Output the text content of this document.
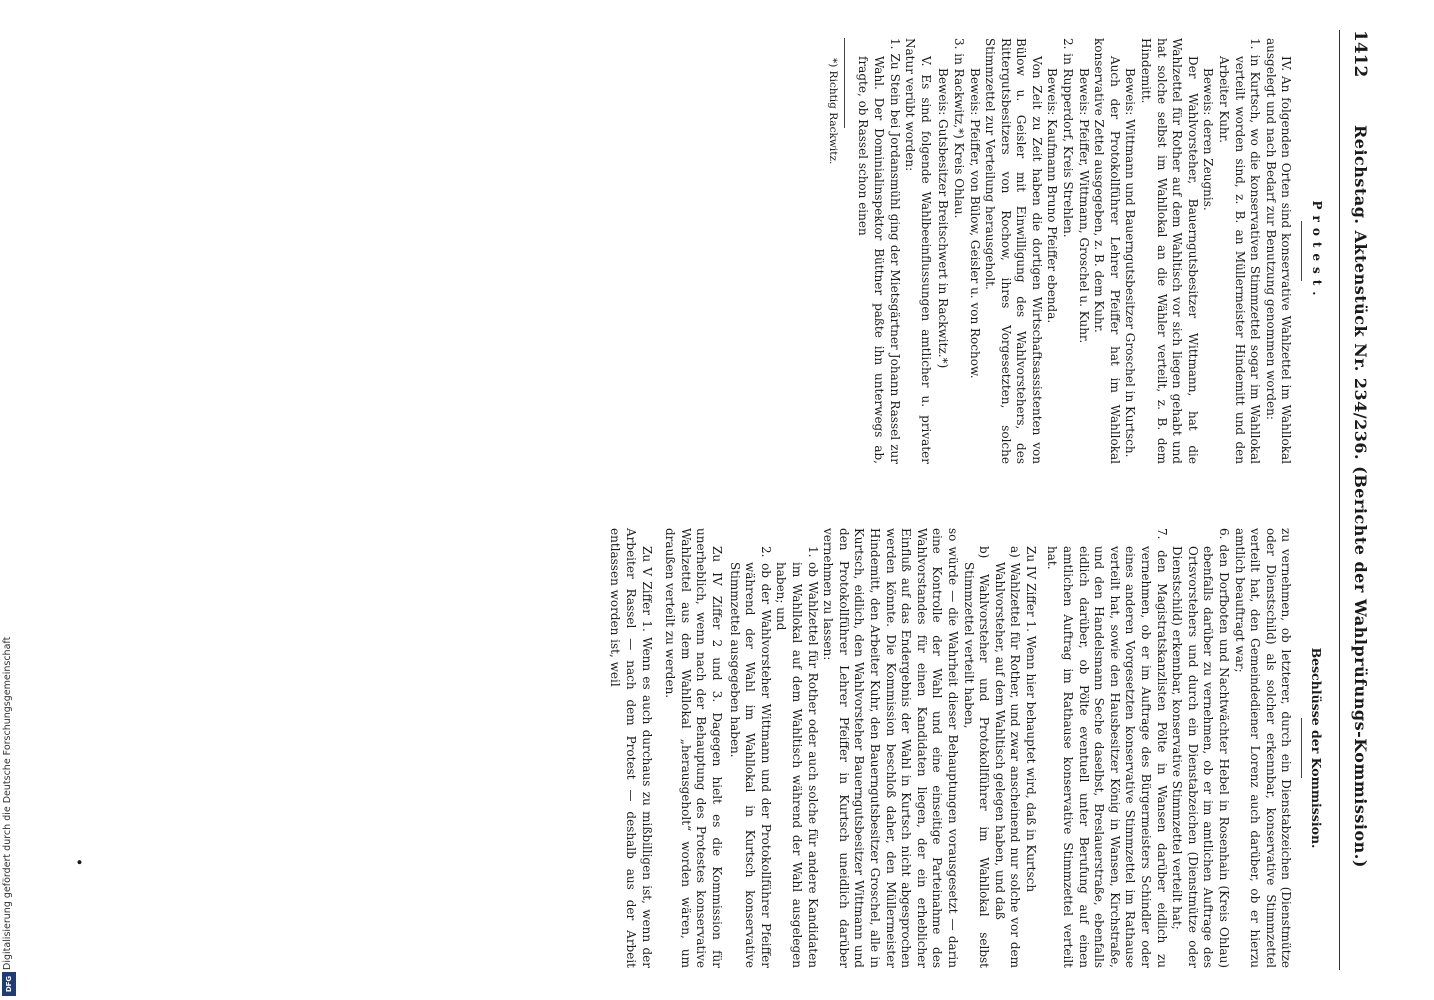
1412
Reichstag. Aktenstück Nr. 234/236. (Berichte der Wahlprüfungs-Kommission.)

Protest.

IV. An folgenden Orten sind konservative Wahlzettel im Wahllokal ausgelegt und nach Bedarf zur Benutzung genommen worden:

1. in Kurtsch, wo die konservativen Stimmzettel sogar im Wahllokal verteilt worden sind, z. B. an Müllermeister Hindemitt und den Arbeiter Kuhr.

Beweis: deren Zeugnis.

Der Wahlvorsteher, Bauerngutsbesitzer Wittmann, hat die Wahlzettel für Rother auf dem Wahltisch vor sich liegen gehabt und hat solche selbst im Wahllokal an die Wähler verteilt, z. B. dem Hindemitt.

Beweis: Wittmann und Bauerngutsbesitzer Groschel in Kurtsch.

Auch der Protokollführer Lehrer Pfeiffer hat im Wahllokal konservative Zettel ausgegeben, z. B. dem Kuhr.

Beweis: Pfeiffer, Wittmann, Groschel u. Kuhr.

2. in Rupperdorf, Kreis Strehlen.

Beweis: Kaufmann Bruno Pfeiffer ebenda.

Von Zeit zu Zeit haben die dortigen Wirtschaftsassistenten von Bülow u. Geisler mit Einwilligung des Wahlvorstehers, des Rittergutsbesitzers von Rochow, ihres Vorgesetzten, solche Stimmzettel zur Verteilung herausgeholt.

Beweis: Pfeiffer, von Bülow, Geisler u. von Rochow.

3. in Rackwitz,*) Kreis Ohlau.

Beweis: Gutsbesitzer Breitschwert in Rackwitz.*)

V. Es sind folgende Wahlbeeinflussungen amtlicher u. privater Natur verübt worden:

1. Zu Stein bei Jordansmühl ging der Mietsgärtner Johann Rassel zur Wahl. Der Dominialinspektor Büttner paßte ihn unterwegs ab, fragte, ob Rassel schon einen

*) Richtig Rackwitz.

Beschlüsse der Kommission.

zu vernehmen, ob letzterer, durch ein Dienstabzeichen (Dienstmütze oder Dienstschild) als solcher erkennbar, konservative Stimmzettel verteilt hat, den Gemeindediener Lorenz auch darüber, ob er hierzu amtlich beauftragt war;

6. den Dorfboten und Nachtwächter Hebel in Rosenhain (Kreis Ohlau) ebenfalls darüber zu vernehmen, ob er im amtlichen Auftrage des Ortsvorstehers und durch ein Dienstabzeichen (Dienstmütze oder Dienstschild) erkennbar, konservative Stimmzettel verteilt hat;

7. den Magistratskanzlisten Pölte in Wansen darüber eidlich zu vernehmen, ob er im Auftrage des Bürgermeisters Schindler oder eines anderen Vorgesetzten konservative Stimmzettel im Rathause verteilt hat, sowie den Hausbesitzer König in Wansen, Kirchstraße, und den Handelsmann Seche daselbst, Breslauerstraße, ebenfalls eidlich darüber, ob Pölte eventuell unter Berufung auf einen amtlichen Auftrag im Rathause konservative Stimmzettel verteilt hat.

Zu IV Ziffer 1. Wenn hier behauptet wird, daß in Kurtsch

a) Wahlzettel für Rother, und zwar anscheinend nur solche vor dem Wahlvorsteher, auf dem Wahltisch gelegen haben, und daß

b) Wahlvorsteher und Protokollführer im Wahllokal selbst Stimmzettel verteilt haben,

so würde — die Wahrheit dieser Behauptungen vorausgesetzt — darin eine Kontrolle der Wahl und eine einseitige Parteinahme des Wahlvorstandes für einen Kandidaten liegen, der ein erheblicher Einfluß auf das Endergebnis der Wahl in Kurtsch nicht abgesprochen werden könnte. Die Kommission beschloß daher, den Müllermeister Hindemitt, den Arbeiter Kuhr, den Bauerngutsbesitzer Groschel, alle in Kurtsch, eidlich, den Wahlvorsteher Bauerngutsbesitzer Wittmann und den Protokollführer Lehrer Pfeiffer in Kurtsch uneidlich darüber vernehmen zu lassen:

1. ob Wahlzettel für Rother oder auch solche für andere Kandidaten im Wahllokal auf dem Wahltisch während der Wahl ausgelegen haben; und

2. ob der Wahlvorsteher Wittmann und der Protokollführer Pfeiffer während der Wahl im Wahllokal in Kurtsch konservative Stimmzettel ausgegeben haben.

Zu IV Ziffer 2 und 3. Dagegen hielt es die Kommission für unerheblich, wenn nach der Behauptung des Protestes konservative Wahlzettel aus dem Wahllokal „herausgeholt“ worden wären, um draußen verteilt zu werden.

Zu V Ziffer 1. Wenn es auch durchaus zu mißbilligen ist, wenn der Arbeiter Rassel — nach dem Protest — deshalb aus der Arbeit entlassen worden ist, weil

•
Digitalisierung gefördert durch die Deutsche Forschungsgemeinschaft
DFG
